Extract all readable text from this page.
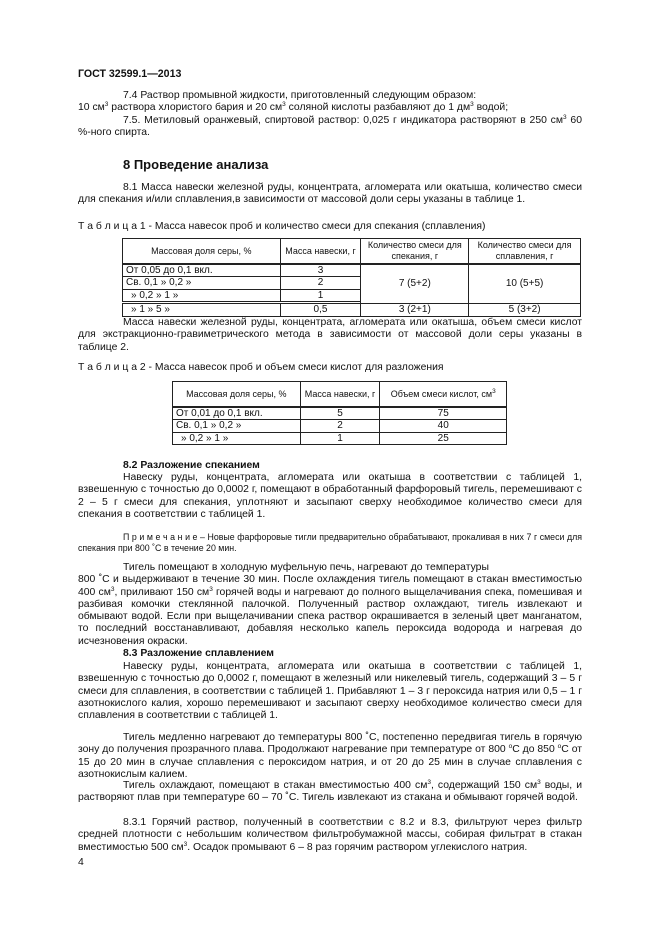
ГОСТ 32599.1—2013
7.4 Раствор промывной жидкости, приготовленный следующим образом:
10 $см^3$ раствора хлористого бария и 20 $см^3$ соляной кислоты разбавляют до 1 $дм^3$ водой;
7.5. Метиловый оранжевый, спиртовой раствор: 0,025 г индикатора растворяют в 250 $см^3$ 60 %-ного спирта.
8 Проведение анализа
8.1 Масса навески железной руды, концентрата, агломерата или окатыша, количество смеси для спекания и/или сплавления,в зависимости от массовой доли серы указаны в таблице 1.
Т а б л и ц а 1 - Масса навесок проб и количество смеси для спекания (сплавления)
Массовая доля серы, %	Масса навески, г	Количество смеси для спекания, г	Количество смеси для сплавления, г
От 0,05 до 0,1 вкл.	3	7 (5+2)	10 (5+5)
Св. 0,1 » 0,2 »	2		
» 0,2 » 1 »	1		

» 1 » 5 »	0,5	3 (2+1)	5 (3+2)
Масса навески железной руды, концентрата, агломерата или окатыша, объем смеси кислот для экстракционно-гравиметрического метода в зависимости от массовой доли серы указаны в таблице 2.
Т а б л и ц а 2 - Масса навесок проб и объем смеси кислот для разложения
Массовая доля серы, %	Масса навески, г	Объем смеси кислот, $см^3$
От 0,01 до 0,1 вкл.	5	75
Св. 0,1 » 0,2 »	2	40
» 0,2 » 1 »	1	25
8.2 Разложение спеканием
Навеску руды, концентрата, агломерата или окатыша в соответствии с таблицей 1, взвешенную с точностью до 0,0002 г, помещают в обработанный фарфоровый тигель, перемешивают с 2 – 5 г смеси для спекания, уплотняют и засыпают сверху необходимое количество смеси для спекания в соответствии с таблицей 1.
П р и м е ч а н и е – Новые фарфоровые тигли предварительно обрабатывают, прокаливая в них 7 г смеси для спекания при 800 ˚С в течение 20 мин.
Тигель помещают в холодную муфельную печь, нагревают до температуры
800 ˚С и выдерживают в течение 30 мин. После охлаждения тигель помещают в стакан вместимостью 400 $см^3$, приливают 150 $см^3$ горячей воды и нагревают до полного выщелачивания спека, помешивая и разбивая комочки стеклянной палочкой. Полученный раствор охлаждают, тигель извлекают и обмывают водой. Если при выщелачивании спека раствор окрашивается в зеленый цвет манганатом, то последний восстанавливают, добавляя несколько капель пероксида водорода и нагревая до исчезновения окраски.
8.3 Разложение сплавлением
Навеску руды, концентрата, агломерата или окатыша в соответствии с таблицей 1, взвешенную с точностью до 0,0002 г, помещают в железный или никелевый тигель, содержащий 3 – 5 г смеси для сплавления, в соответствии с таблицей 1. Прибавляют 1 – 3 г пероксида натрия или 0,5 – 1 г азотнокислого калия, хорошо перемешивают и засыпают сверху необходимое количество смеси для сплавления в соответствии с таблицей 1.
Тигель медленно нагревают до температуры 800 ˚С, постепенно передвигая тигель в горячую зону до получения прозрачного плава. Продолжают нагревание при температуре от 800 $^о$С до 850 $^о$С от 15 до 20 мин в случае сплавления с пероксидом натрия, и от 20 до 25 мин в случае сплавления с азотнокислым калием.
Тигель охлаждают, помещают в стакан вместимостью 400 $см^3$, содержащий 150 $см^3$ воды, и растворяют плав при температуре 60 – 70 ˚С. Тигель извлекают из стакана и обмывают горячей водой.
8.3.1 Горячий раствор, полученный в соответствии с 8.2 и 8.3, фильтруют через фильтр средней плотности с небольшим количеством фильтробумажной массы, собирая фильтрат в стакан вместимостью 500 $см^3$. Осадок промывают 6 – 8 раз горячим раствором углекислого натрия.
4
